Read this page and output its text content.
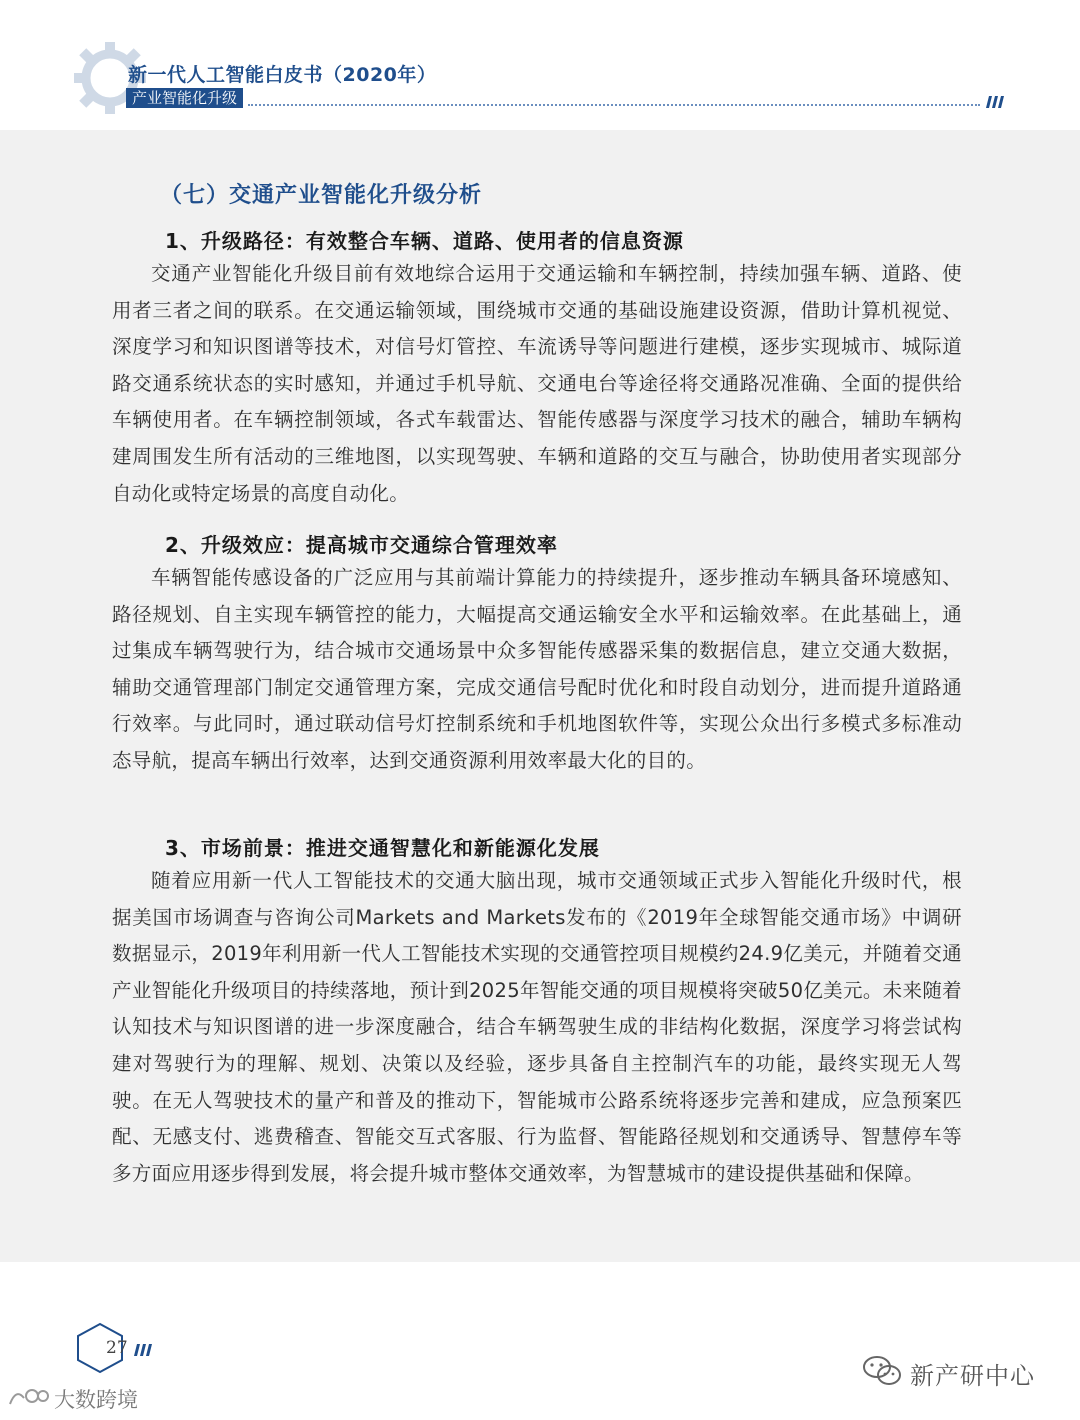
新一代人工智能白皮书（2020年）
产业智能化升级
（七）交通产业智能化升级分析
1、升级路径：有效整合车辆、道路、使用者的信息资源
交通产业智能化升级目前有效地综合运用于交通运输和车辆控制，持续加强车辆、道路、使用者三者之间的联系。在交通运输领域，围绕城市交通的基础设施建设资源，借助计算机视觉、深度学习和知识图谱等技术，对信号灯管控、车流诱导等问题进行建模，逐步实现城市、城际道路交通系统状态的实时感知，并通过手机导航、交通电台等途径将交通路况准确、全面的提供给车辆使用者。在车辆控制领域，各式车载雷达、智能传感器与深度学习技术的融合，辅助车辆构建周围发生所有活动的三维地图，以实现驾驶、车辆和道路的交互与融合，协助使用者实现部分自动化或特定场景的高度自动化。
2、升级效应：提高城市交通综合管理效率
车辆智能传感设备的广泛应用与其前端计算能力的持续提升，逐步推动车辆具备环境感知、路径规划、自主实现车辆管控的能力，大幅提高交通运输安全水平和运输效率。在此基础上，通过集成车辆驾驶行为，结合城市交通场景中众多智能传感器采集的数据信息，建立交通大数据，辅助交通管理部门制定交通管理方案，完成交通信号配时优化和时段自动划分，进而提升道路通行效率。与此同时，通过联动信号灯控制系统和手机地图软件等，实现公众出行多模式多标准动态导航，提高车辆出行效率，达到交通资源利用效率最大化的目的。
3、市场前景：推进交通智慧化和新能源化发展
随着应用新一代人工智能技术的交通大脑出现，城市交通领域正式步入智能化升级时代，根据美国市场调查与咨询公司Markets and Markets发布的《2019年全球智能交通市场》中调研数据显示，2019年利用新一代人工智能技术实现的交通管控项目规模约24.9亿美元，并随着交通产业智能化升级项目的持续落地，预计到2025年智能交通的项目规模将突破50亿美元。未来随着认知技术与知识图谱的进一步深度融合，结合车辆驾驶生成的非结构化数据，深度学习将尝试构建对驾驶行为的理解、规划、决策以及经验，逐步具备自主控制汽车的功能，最终实现无人驾驶。在无人驾驶技术的量产和普及的推动下，智能城市公路系统将逐步完善和建成，应急预案匹配、无感支付、逃费稽查、智能交互式客服、行为监督、智能路径规划和交通诱导、智慧停车等多方面应用逐步得到发展，将会提升城市整体交通效率，为智慧城市的建设提供基础和保障。
27
新产研中心
大数跨境
